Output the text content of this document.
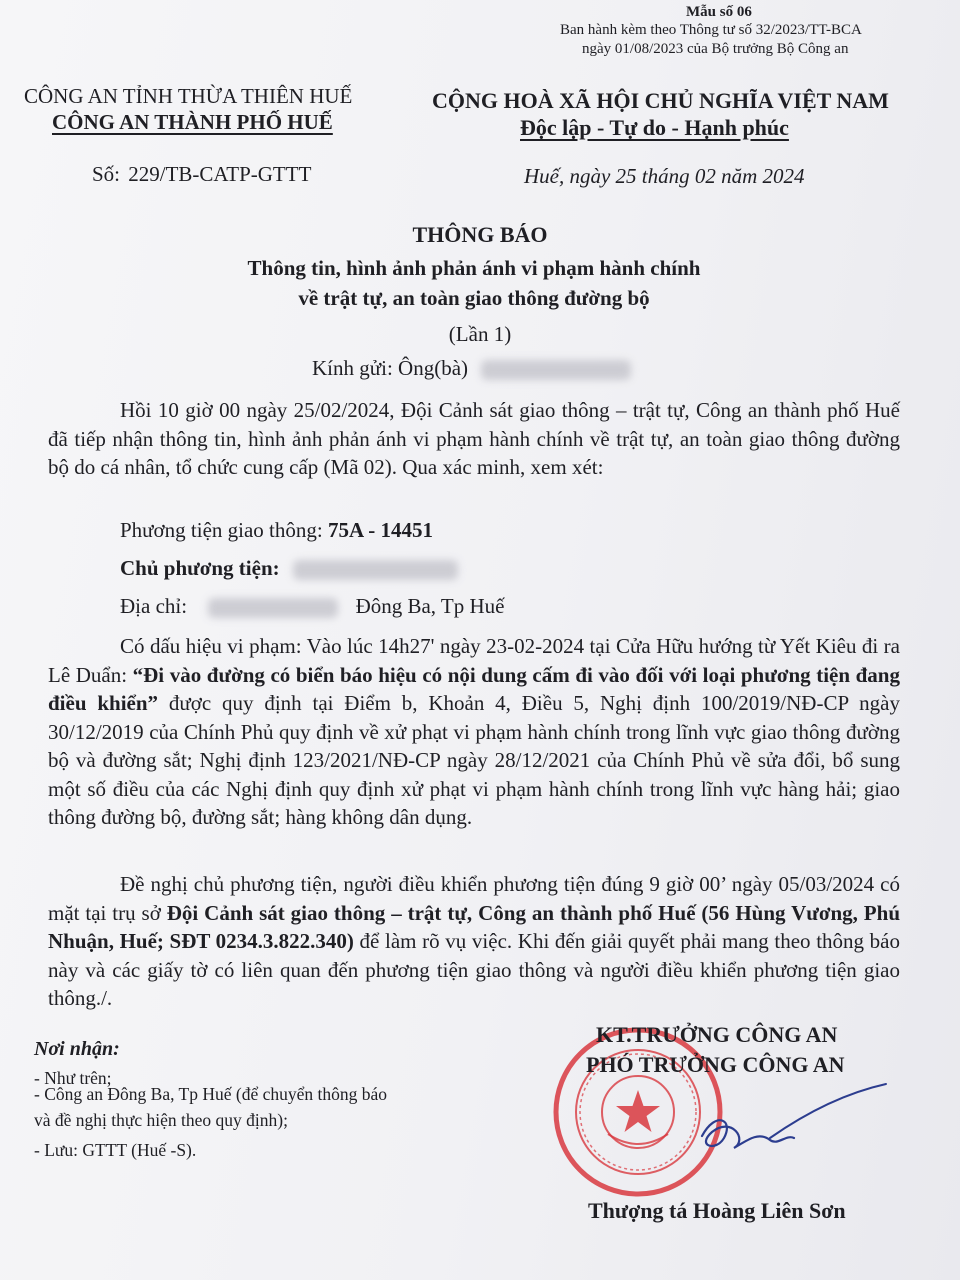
Mẫu số 06
Ban hành kèm theo Thông tư số 32/2023/TT-BCA
ngày 01/08/2023 của Bộ trưởng Bộ Công an
CÔNG AN TỈNH THỪA THIÊN HUẾ
CÔNG AN THÀNH PHỐ HUẾ
Số: 229/TB-CATP-GTTT
CỘNG HOÀ XÃ HỘI CHỦ NGHĨA VIỆT NAM
Độc lập - Tự do - Hạnh phúc
Huế, ngày 25 tháng 02 năm 2024
THÔNG BÁO
Thông tin, hình ảnh phản ánh vi phạm hành chính
về trật tự, an toàn giao thông đường bộ
(Lần 1)
Kính gửi: Ông(bà)

Hồi 10 giờ 00 ngày 25/02/2024, Đội Cảnh sát giao thông – trật tự, Công an thành phố Huế đã tiếp nhận thông tin, hình ảnh phản ánh vi phạm hành chính về trật tự, an toàn giao thông đường bộ do cá nhân, tổ chức cung cấp (Mã 02). Qua xác minh, xem xét:

Phương tiện giao thông: 75A - 14451
Chủ phương tiện:
Địa chỉ:	Đông Ba, Tp Huế

Có dấu hiệu vi phạm: Vào lúc 14h27' ngày 23-02-2024 tại Cửa Hữu hướng từ Yết Kiêu đi ra Lê Duẩn: “Đi vào đường có biển báo hiệu có nội dung cấm đi vào đối với loại phương tiện đang điều khiển” được quy định tại Điểm b, Khoản 4, Điều 5, Nghị định 100/2019/NĐ-CP ngày 30/12/2019 của Chính Phủ quy định về xử phạt vi phạm hành chính trong lĩnh vực giao thông đường bộ và đường sắt; Nghị định 123/2021/NĐ-CP ngày 28/12/2021 của Chính Phủ về sửa đổi, bổ sung một số điều của các Nghị định quy định xử phạt vi phạm hành chính trong lĩnh vực hàng hải; giao thông đường bộ, đường sắt; hàng không dân dụng.

Đề nghị chủ phương tiện, người điều khiển phương tiện đúng 9 giờ 00’ ngày 05/03/2024 có mặt tại trụ sở Đội Cảnh sát giao thông – trật tự, Công an thành phố Huế (56 Hùng Vương, Phú Nhuận, Huế; SĐT 0234.3.822.340) để làm rõ vụ việc. Khi đến giải quyết phải mang theo thông báo này và các giấy tờ có liên quan đến phương tiện giao thông và người điều khiển phương tiện giao thông./.

Nơi nhận:
- Như trên;
- Công an Đông Ba, Tp Huế (để chuyển thông báo
và đề nghị thực hiện theo quy định);
- Lưu: GTTT (Huế -S).
KT.TRƯỞNG CÔNG AN
PHÓ TRƯỞNG CÔNG AN
Thượng tá Hoàng Liên Sơn
